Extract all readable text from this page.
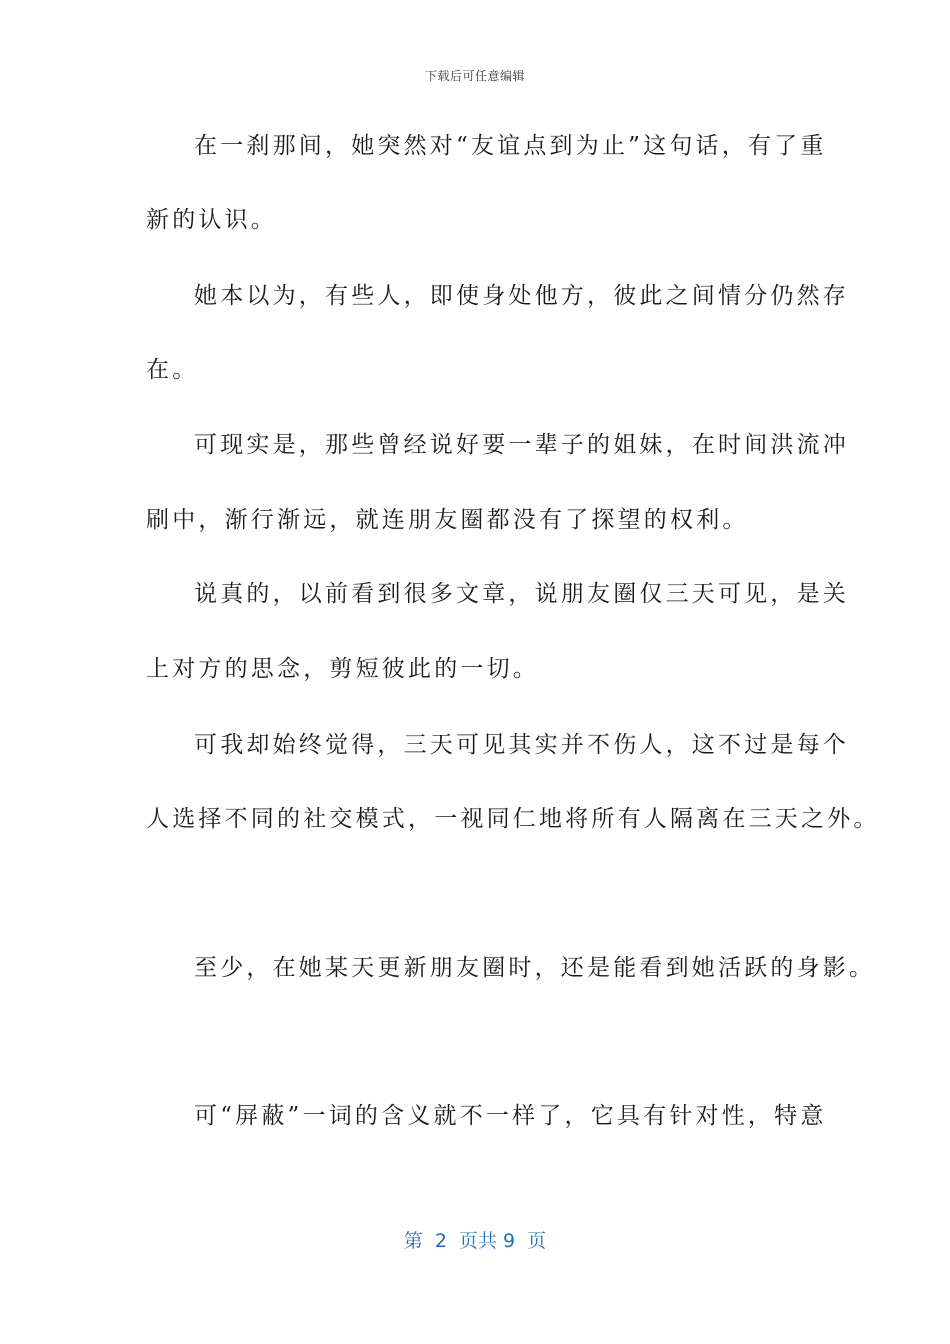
下载后可任意编辑
在一刹那间，她突然对“友谊点到为止”这句话，有了重
新的认识。
她本以为，有些人，即使身处他方，彼此之间情分仍然存
在。
可现实是，那些曾经说好要一辈子的姐妹，在时间洪流冲
刷中，渐行渐远，就连朋友圈都没有了探望的权利。
说真的，以前看到很多文章，说朋友圈仅三天可见，是关
上对方的思念，剪短彼此的一切。
可我却始终觉得，三天可见其实并不伤人，这不过是每个
人选择不同的社交模式，一视同仁地将所有人隔离在三天之外。
至少，在她某天更新朋友圈时，还是能看到她活跃的身影。
可“屏蔽”一词的含义就不一样了，它具有针对性，特意
第  2  页共 9  页
